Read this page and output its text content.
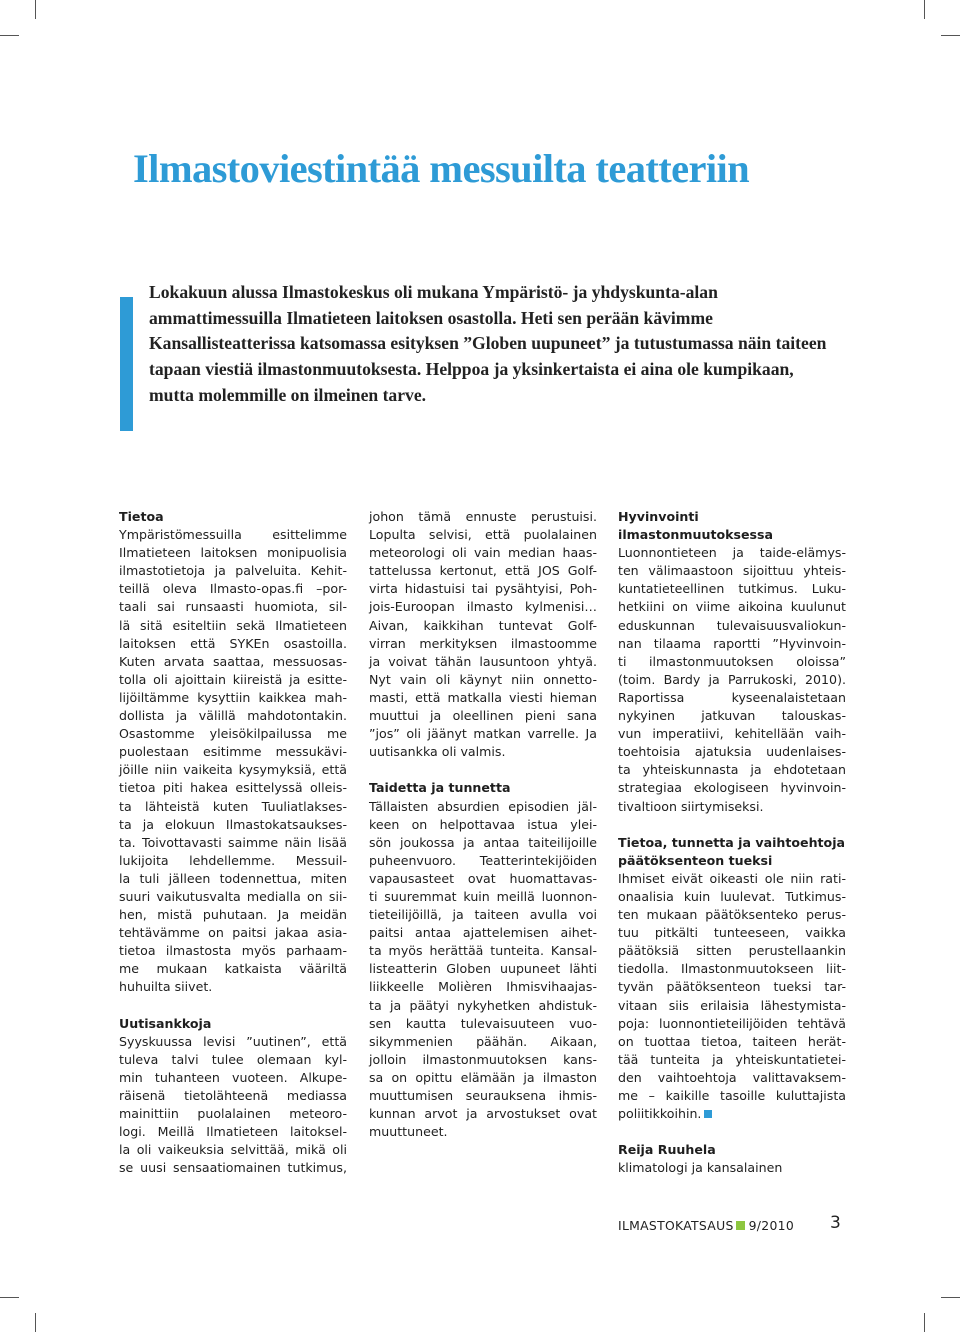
Ilmastoviestintää messuilta teatteriin
Lokakuun alussa Ilmastokeskus oli mukana Ympäristö- ja yhdyskunta-alan
ammattimessuilla Ilmatieteen laitoksen osastolla. Heti sen perään kävimme
Kansallisteatterissa katsomassa esityksen ”Globen uupuneet” ja tutustumassa näin taiteen
tapaan viestiä ilmastonmuutoksesta. Helppoa ja yksinkertaista ei aina ole kumpikaan,
mutta molemmille on ilmeinen tarve.
Tietoa
Ympäristömessuilla esittelimme
Ilmatieteen laitoksen monipuolisia
ilmastotietoja ja palveluita. Kehit-
teillä oleva Ilmasto-opas.fi –por-
taali sai runsaasti huomiota, sil-
lä sitä esiteltiin sekä Ilmatieteen
laitoksen että SYKEn osastoilla.
Kuten arvata saattaa, messuosas-
tolla oli ajoittain kiireistä ja esitte-
lijöiltämme kysyttiin kaikkea mah-
dollista ja välillä mahdotontakin.
Osastomme yleisökilpailussa me
puolestaan esitimme messukävi-
jöille niin vaikeita kysymyksiä, että
tietoa piti hakea esittelyssä olleis-
ta lähteistä kuten Tuuliatlakses-
ta ja elokuun Ilmastokatsaukses-
ta. Toivottavasti saimme näin lisää
lukijoita lehdellemme. Messuil-
la tuli jälleen todennettua, miten
suuri vaikutusvalta medialla on sii-
hen, mistä puhutaan. Ja meidän
tehtävämme on paitsi jakaa asia-
tietoa ilmastosta myös parhaam-
me mukaan katkaista vääriltä
huhuilta siivet.
Uutisankkoja
Syyskuussa levisi ”uutinen”, että
tuleva talvi tulee olemaan kyl-
min tuhanteen vuoteen. Alkupe-
räisenä tietolähteenä mediassa
mainittiin puolalainen meteoro-
logi. Meillä Ilmatieteen laitoksel-
la oli vaikeuksia selvittää, mikä oli
se uusi sensaatiomainen tutkimus,
johon tämä ennuste perustuisi.
Lopulta selvisi, että puolalainen
meteorologi oli vain median haas-
tattelussa kertonut, että JOS Golf-
virta hidastuisi tai pysähtyisi, Poh-
jois-Euroopan ilmasto kylmenisi…
Aivan, kaikkihan tuntevat Golf-
virran merkityksen ilmastoomme
ja voivat tähän lausuntoon yhtyä.
Nyt vain oli käynyt niin onnetto-
masti, että matkalla viesti hieman
muuttui ja oleellinen pieni sana
”jos” oli jäänyt matkan varrelle. Ja
uutisankka oli valmis.
Taidetta ja tunnetta
Tällaisten absurdien episodien jäl-
keen on helpottavaa istua ylei-
sön joukossa ja antaa taiteilijoille
puheenvuoro. Teatterintekijöiden
vapausasteet ovat huomattavas-
ti suuremmat kuin meillä luonnon-
tieteilijöillä, ja taiteen avulla voi
paitsi antaa ajattelemisen aihet-
ta myös herättää tunteita. Kansal-
listeatterin Globen uupuneet lähti
liikkeelle Molièren Ihmisvihaajas-
ta ja päätyi nykyhetken ahdistuk-
sen kautta tulevaisuuteen vuo-
sikymmenien päähän. Aikaan,
jolloin ilmastonmuutoksen kans-
sa on opittu elämään ja ilmaston
muuttumisen seurauksena ihmis-
kunnan arvot ja arvostukset ovat
muuttuneet.
Hyvinvointi
ilmastonmuutoksessa
Luonnontieteen ja taide-elämys-
ten välimaastoon sijoittuu yhteis-
kuntatieteellinen tutkimus. Luku-
hetkiini on viime aikoina kuulunut
eduskunnan tulevaisuusvaliokun-
nan tilaama raportti ”Hyvinvoin-
ti ilmastonmuutoksen oloissa”
(toim. Bardy ja Parrukoski, 2010).
Raportissa kyseenalaistetaan
nykyinen jatkuvan talouskas-
vun imperatiivi, kehitellään vaih-
toehtoisia ajatuksia uudenlaises-
ta yhteiskunnasta ja ehdotetaan
strategiaa ekologiseen hyvinvoin-
tivaltioon siirtymiseksi.
Tietoa, tunnetta ja vaihtoehtoja
päätöksenteon tueksi
Ihmiset eivät oikeasti ole niin rati-
onaalisia kuin luulevat. Tutkimus-
ten mukaan päätöksenteko perus-
tuu pitkälti tunteeseen, vaikka
päätöksiä sitten perustellaankin
tiedolla. Ilmastonmuutokseen liit-
tyvän päätöksenteon tueksi tar-
vitaan siis erilaisia lähestymista-
poja: luonnontieteilijöiden tehtävä
on tuottaa tietoa, taiteen herät-
tää tunteita ja yhteiskuntatietei-
den vaihtoehtoja valittavaksem-
me – kaikille tasoille kuluttajista
poliitikkoihin.
Reija Ruuhela
klimatologi ja kansalainen
ILMASTOKATSAUS 9/2010 3
